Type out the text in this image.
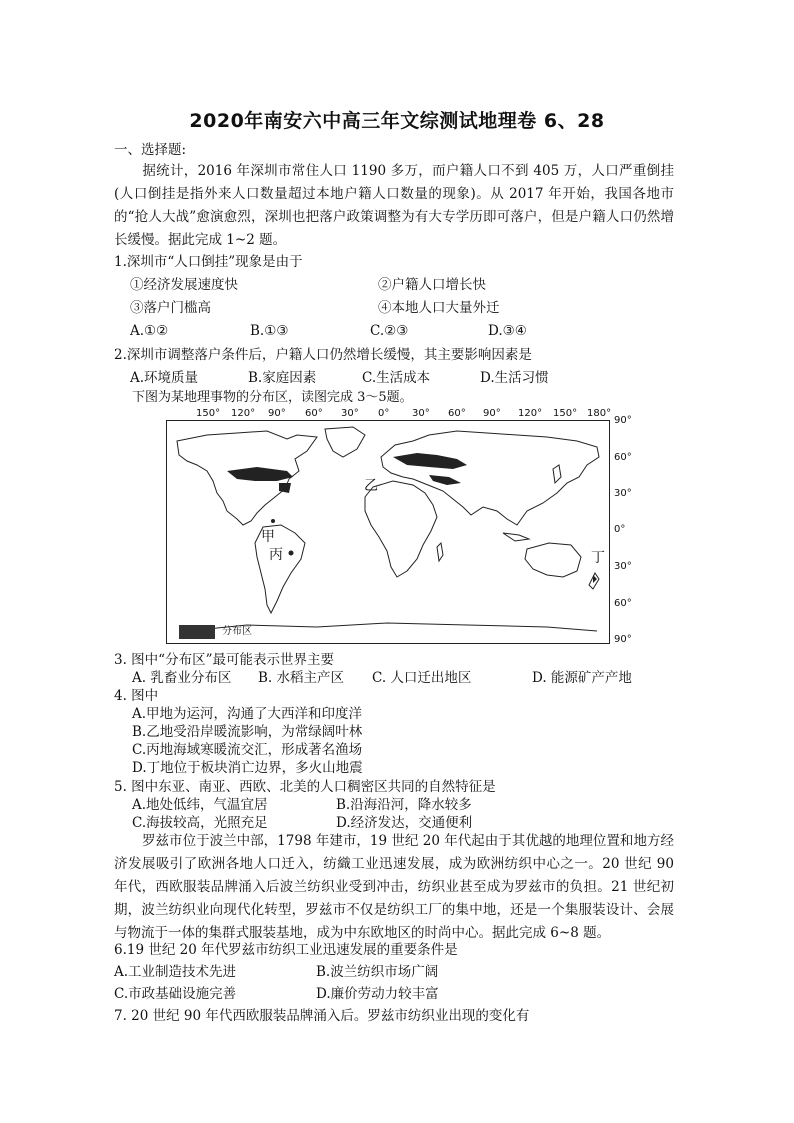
2020年南安六中高三年文综测试地理卷 6、28
一、选择题:
据统计，2016 年深圳市常住人口 1190 多万，而户籍人口不到 405 万，人口严重倒挂(人口倒挂是指外来人口数量超过本地户籍人口数量的现象)。从 2017 年开始，我国各地市的“抢人大战”愈演愈烈，深圳也把落户政策调整为有大专学历即可落户，但是户籍人口仍然增长缓慢。据此完成 1~2 题。
1.深圳市“人口倒挂”现象是由于
①经济发展速度快	②户籍人口增长快
③落户门槛高	④本地人口大量外迁
A.①②	B.①③	C.②③	D.③④
2.深圳市调整落户条件后，户籍人口仍然增长缓慢，其主要影响因素是
A.环境质量	B.家庭因素	C.生活成本	D.生活习惯
下图为某地理事物的分布区，读图完成 3～5题。
150° 120° 90° 60° 30° 0° 30° 60° 90° 120° 150° 180°
90°
60°
30°
0°
30°
60°
90°
甲
丙
乙
丁
分布区
3. 图中“分布区”最可能表示世界主要
A. 乳畜业分布区 B. 水稻主产区 C. 人口迁出地区	D. 能源矿产产地
4. 图中
A.甲地为运河，沟通了大西洋和印度洋
B.乙地受沿岸暖流影响，为常绿阔叶林
C.丙地海域寒暖流交汇，形成著名渔场
D.丁地位于板块消亡边界，多火山地震
5. 图中东亚、南亚、西欧、北美的人口稠密区共同的自然特征是
A.地处低纬，气温宜居	B.沿海沿河，降水较多
C.海拔较高，光照充足	D.经济发达，交通便利
罗兹市位于波兰中部，1798 年建市，19 世纪 20 年代起由于其优越的地理位置和地方经济发展吸引了欧洲各地人口迁入，纺織工业迅速发展，成为欧洲纺织中心之一。20 世纪 90 年代，西欧服装品牌涌入后波兰纺织业受到冲击，纺织业甚至成为罗兹市的负担。21 世纪初期，波兰纺织业向现代化转型，罗兹市不仅是纺织工厂的集中地，还是一个集服装设计、会展与物流于一体的集群式服装基地，成为中东欧地区的时尚中心。据此完成 6~8 题。
6.19 世纪 20 年代罗兹市纺织工业迅速发展的重要条件是
A.工业制造技术先进	B.波兰纺织市场广阔
C.市政基础设施完善	D.廉价劳动力较丰富
7. 20 世纪 90 年代西欧服装品牌涌入后。罗兹市纺织业出现的变化有
